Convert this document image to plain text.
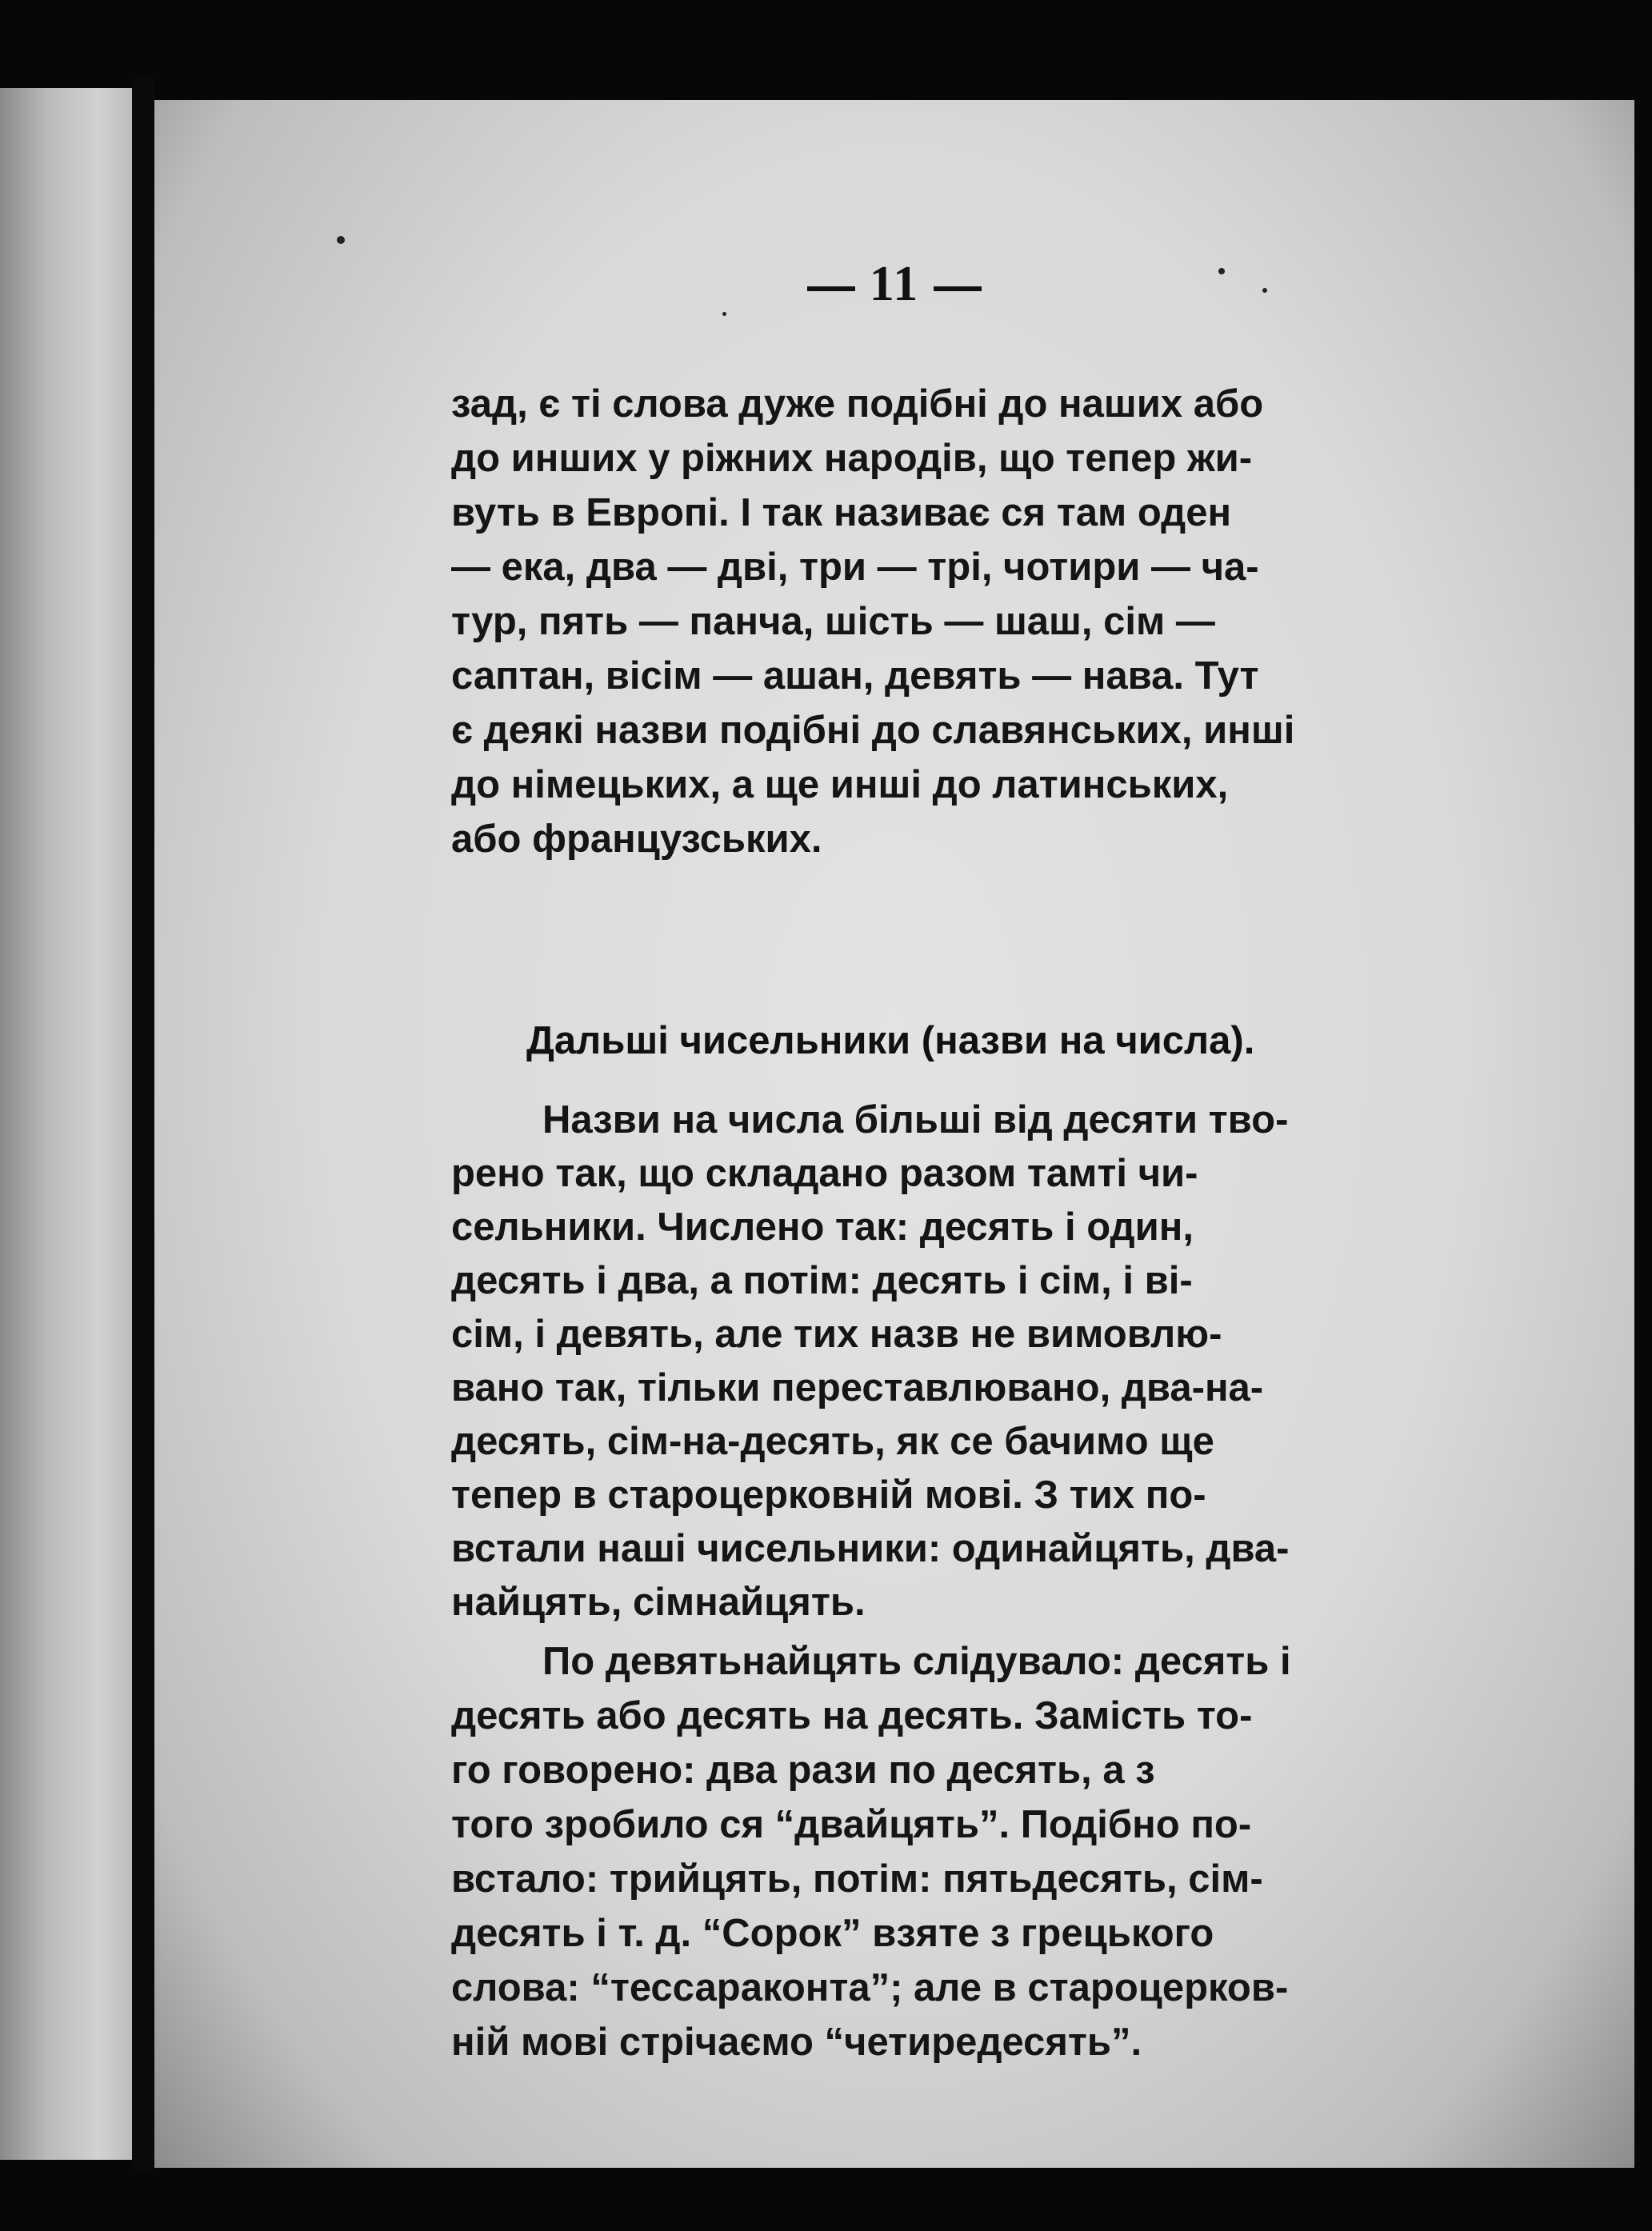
11
зад, є ті слова дуже подібні до наших або
до инших у ріжних народів, що тепер жи-
вуть в Европі. І так називає ся там оден
— ека, два — дві, три — трі, чотири — ча-
тур, пять — панча, шість — шаш, сім —
саптан, вісім — ашан, девять — нава. Тут
є деякі назви подібні до славянських, инші
до німецьких, а ще инші до латинських,
або французських.
Дальші чисельники (назви на числа).
Назви на числа більші від десяти тво-
рено так, що складано разом тамті чи-
сельники. Числено так: десять і один,
десять і два, а потім: десять і сім, і ві-
сім, і девять, але тих назв не вимовлю-
вано так, тільки переставлювано, два-на-
десять, сім-на-десять, як се бачимо ще
тепер в староцерковній мові. З тих по-
встали наші чисельники: одинайцять, два-
найцять, сімнайцять.
По девятьнайцять слідувало: десять і
десять або десять на десять. Замість то-
го говорено: два рази по десять, а з
того зробило ся “двайцять”. Подібно по-
встало: трийцять, потім: пятьдесять, сім-
десять і т. д. “Сорок” взяте з грецького
слова: “тессараконта”; але в староцерков-
ній мові стрічаємо “четиредесять”.
